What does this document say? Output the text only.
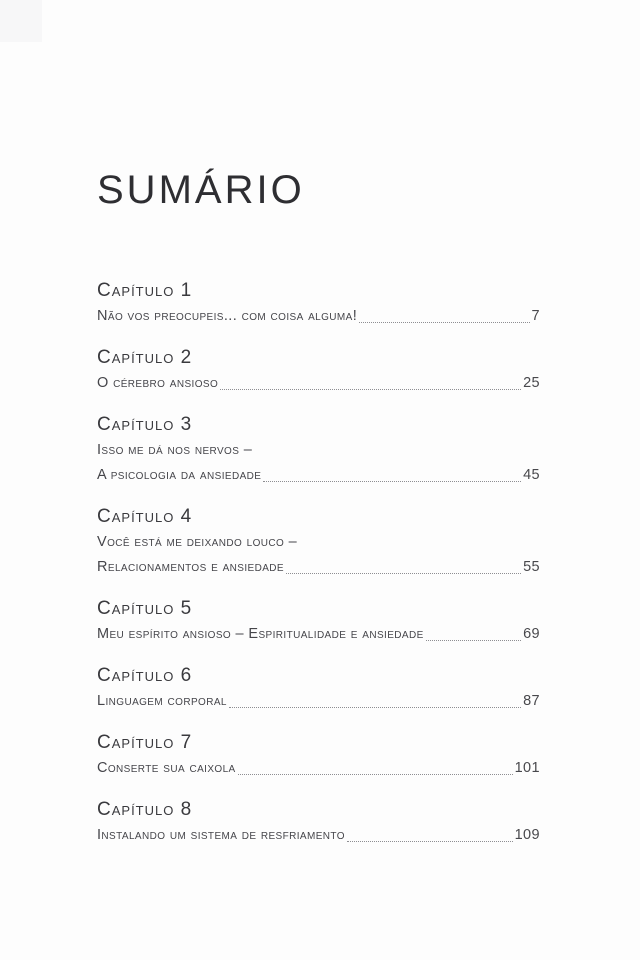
SUMÁRIO
Capítulo 1
Não vos preocupeis... com coisa alguma!	7
Capítulo 2
O cérebro ansioso	25
Capítulo 3
Isso me dá nos nervos –
A psicologia da ansiedade	45
Capítulo 4
Você está me deixando louco –
Relacionamentos e ansiedade	55
Capítulo 5
Meu espírito ansioso – Espiritualidade e ansiedade	69
Capítulo 6
Linguagem corporal	87
Capítulo 7
Conserte sua caixola	101
Capítulo 8
Instalando um sistema de resfriamento	109
